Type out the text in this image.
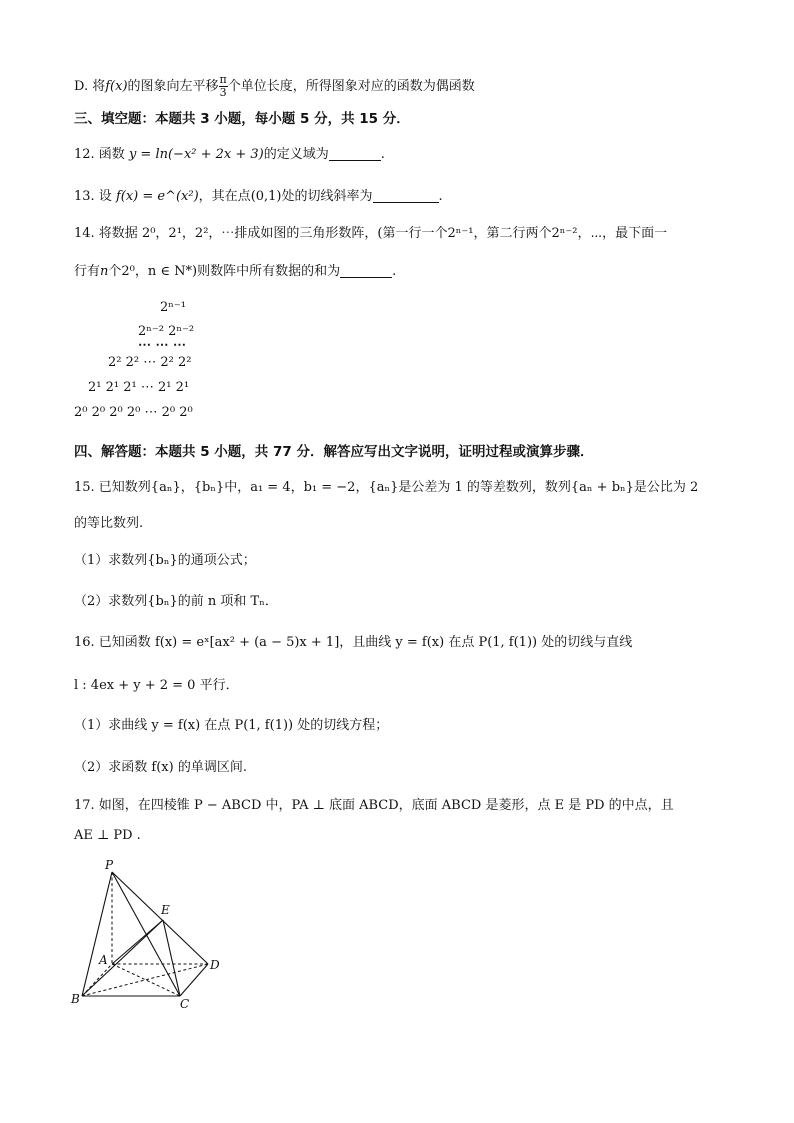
D. 将f(x)的图象向左平移 $\frac{\pi}{3}$ 个单位长度，所得图象对应的函数为偶函数
三、填空题：本题共 3 小题，每小题 5 分，共 15 分．
12. 函数 y = ln(−x² + 2x + 3)的定义域为	.
13. 设 f(x) = e^(x²)，其在点(0,1)处的切线斜率为	.
14. 将数据 2⁰，2¹，2²，⋯排成如图的三角形数阵，(第一行一个2ⁿ⁻¹，第二行两个2ⁿ⁻²，⋯，最下面一
行有n个2⁰，n ∈ N*)则数阵中所有数据的和为	.
2ⁿ⁻¹
2ⁿ⁻² 2ⁿ⁻²
⋯ ⋯ ⋯
2² 2² ⋯ 2² 2²
2¹ 2¹ 2¹ ⋯ 2¹ 2¹
2⁰ 2⁰ 2⁰ 2⁰ ⋯ 2⁰ 2⁰
四、解答题：本题共 5 小题，共 77 分．解答应写出文字说明，证明过程或演算步骤．
15. 已知数列{aₙ}，{bₙ}中，a₁ = 4，b₁ = −2，{aₙ}是公差为 1 的等差数列，数列{aₙ + bₙ}是公比为 2
的等比数列.
（1）求数列{bₙ}的通项公式；
（2）求数列{bₙ}的前 n 项和 Tₙ．
16. 已知函数 f(x) = eˣ[ax² + (a − 5)x + 1]，且曲线 y = f(x) 在点 P(1, f(1)) 处的切线与直线
l : 4ex + y + 2 = 0 平行．
（1）求曲线 y = f(x) 在点 P(1, f(1)) 处的切线方程；
（2）求函数 f(x) 的单调区间.
17. 如图，在四棱锥 P − ABCD 中，PA ⊥ 底面 ABCD，底面 ABCD 是菱形，点 E 是 PD 的中点，且
AE ⊥ PD .
P
E
A	D
B	C
